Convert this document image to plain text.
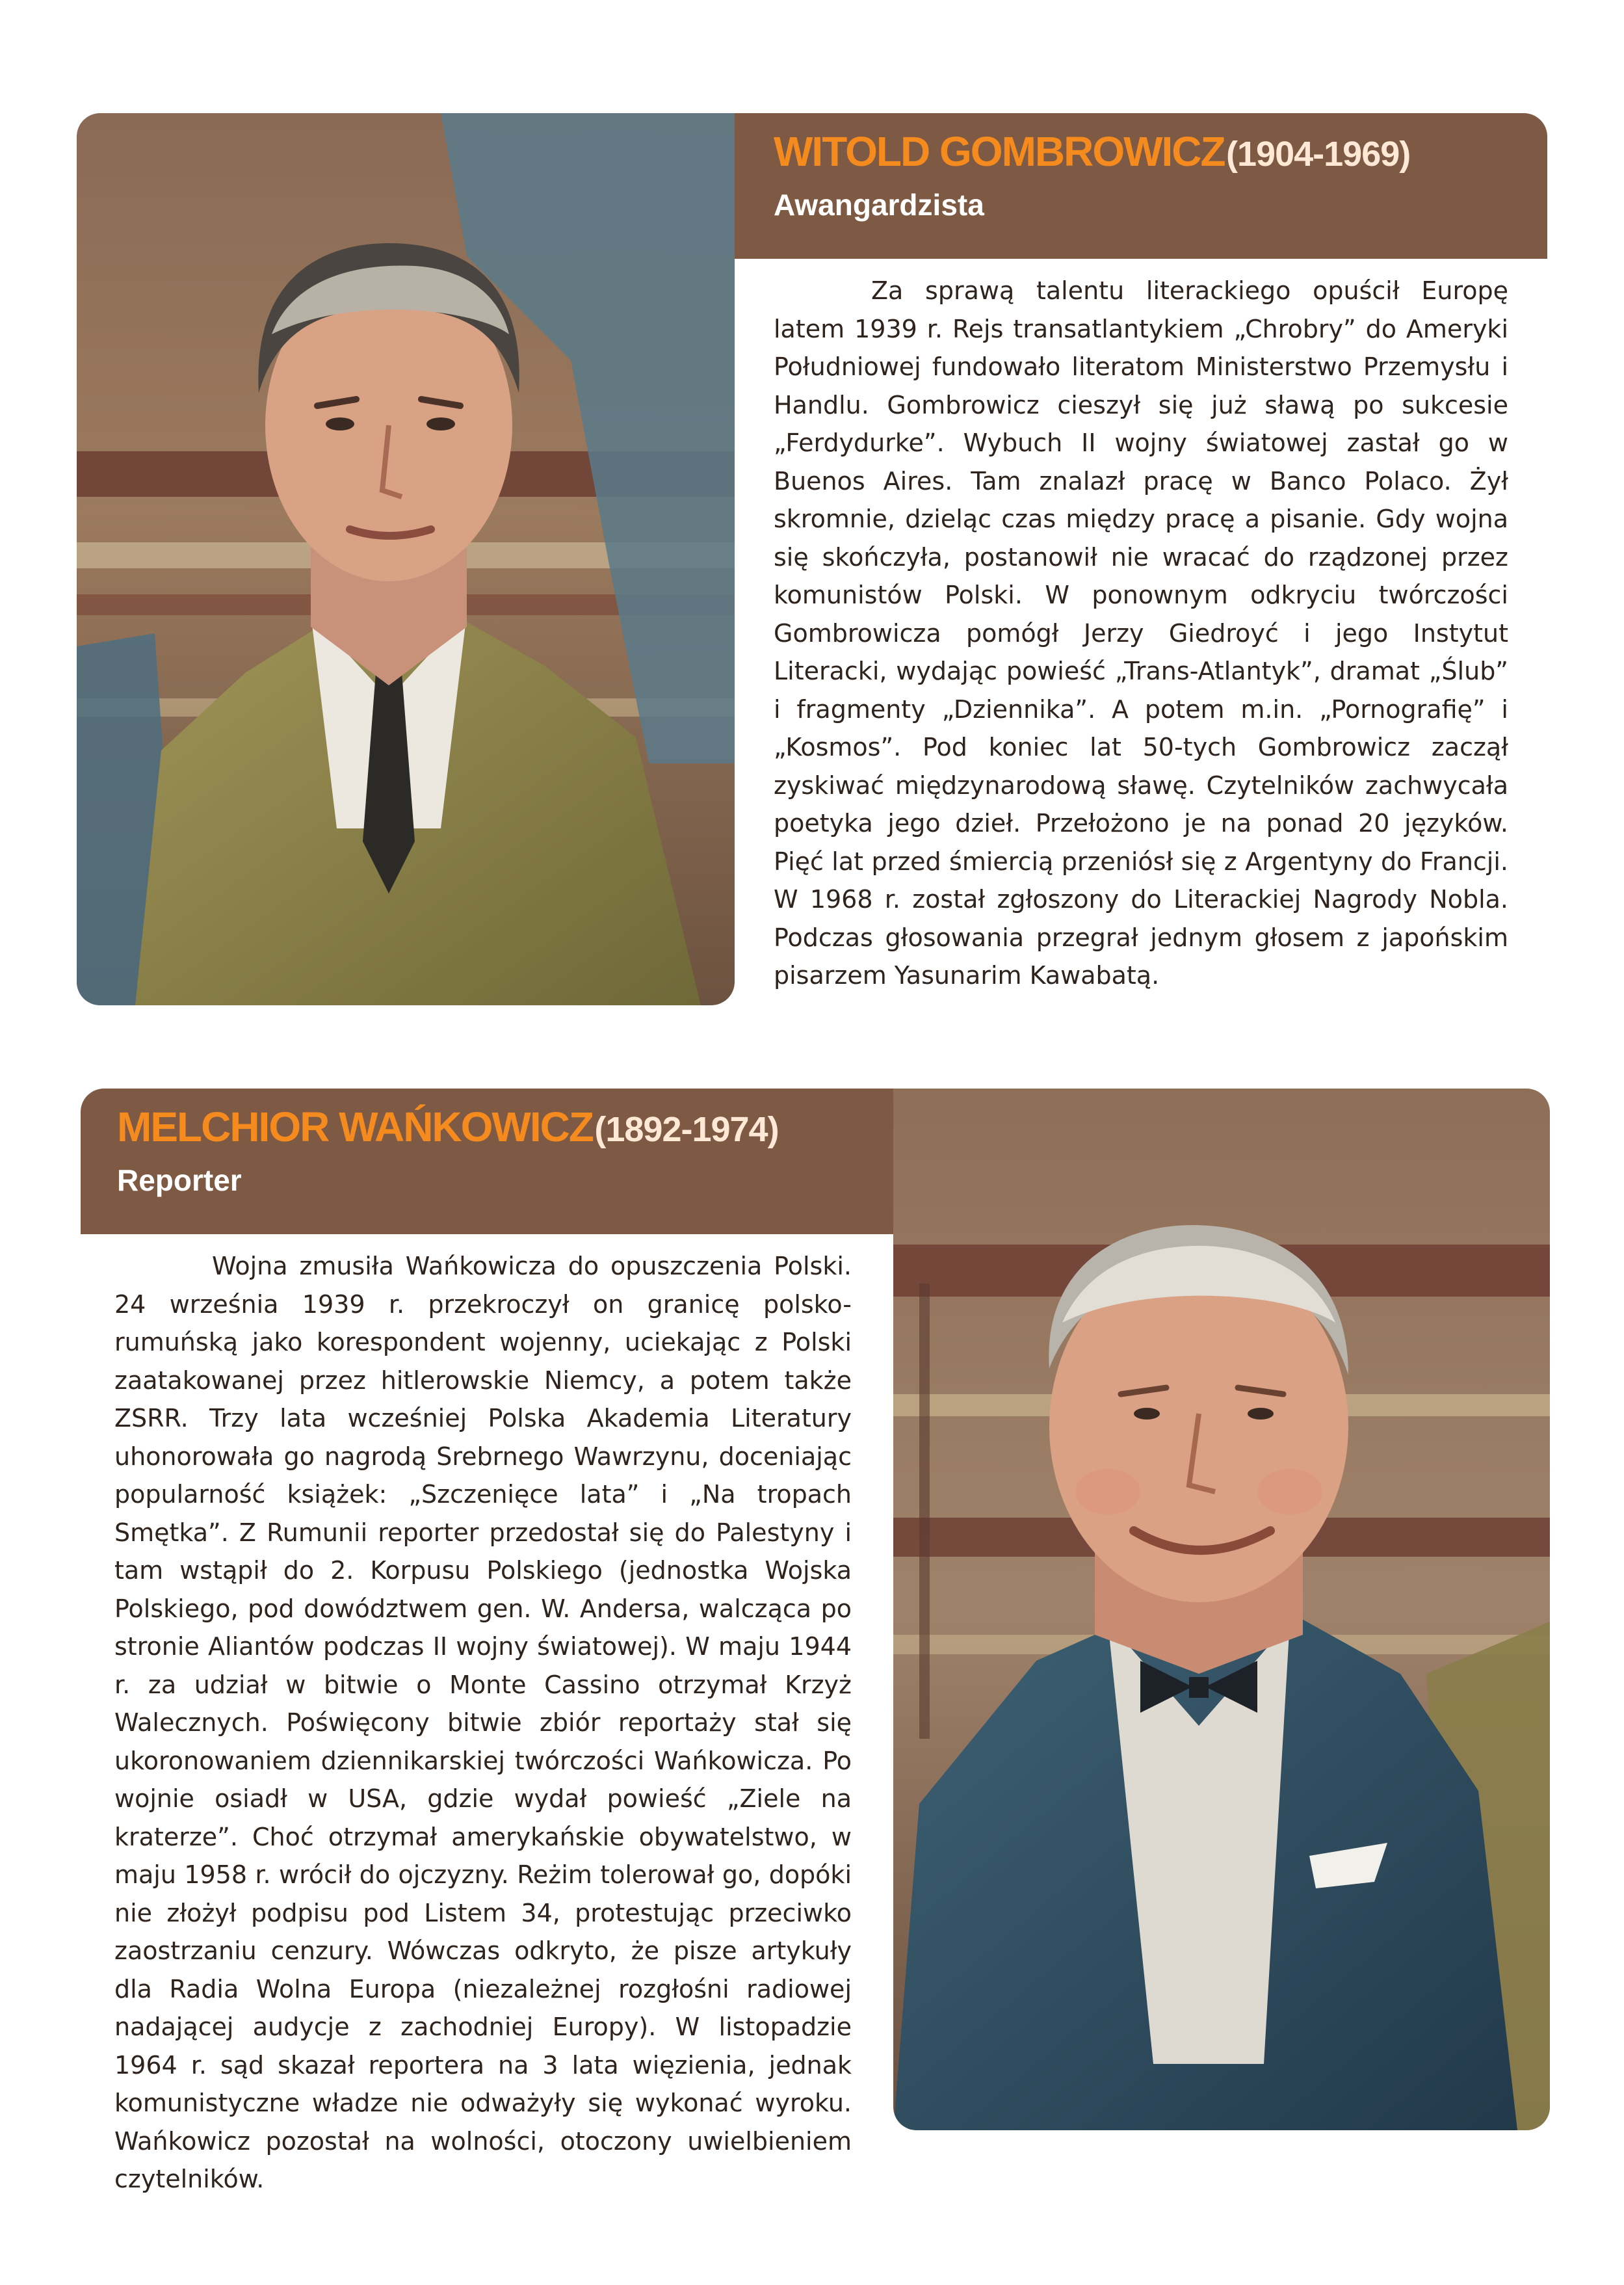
WITOLD GOMBROWICZ (1904-1969)
Awangardzista

Za sprawą talentu literackiego opuścił Europę latem 1939 r. Rejs transatlantykiem „Chrobry” do Ameryki Południowej fundowało literatom Ministerstwo Przemysłu i Handlu. Gombrowicz cieszył się już sławą po sukcesie „Ferdydurke”. Wybuch II wojny światowej zastał go w Buenos Aires. Tam znalazł pracę w Banco Polaco. Żył skromnie, dzieląc czas między pracę a pisanie. Gdy wojna się skończyła, postanowił nie wracać do rządzonej przez komunistów Polski. W ponownym odkryciu twórczości Gombrowicza pomógł Jerzy Giedroyć i jego Instytut Literacki, wydając powieść „Trans-Atlantyk”, dramat „Ślub” i fragmenty „Dziennika”. A potem m.in. „Pornografię” i „Kosmos”. Pod koniec lat 50-tych Gombrowicz zaczął zyskiwać międzynarodową sławę. Czytelników zachwycała poetyka jego dzieł. Przełożono je na ponad 20 języków. Pięć lat przed śmiercią przeniósł się z Argentyny do Francji. W 1968 r. został zgłoszony do Literackiej Nagrody Nobla. Podczas głosowania przegrał jednym głosem z japońskim pisarzem Yasunarim Kawabatą.

MELCHIOR WAŃKOWICZ (1892-1974)
Reporter

Wojna zmusiła Wańkowicza do opuszczenia Polski. 24 września 1939 r. przekroczył on granicę polsko-rumuńską jako korespondent wojenny, uciekając z Polski zaatakowanej przez hitlerowskie Niemcy, a potem także ZSRR. Trzy lata wcześniej Polska Akademia Literatury uhonorowała go nagrodą Srebrnego Wawrzynu, doceniając popularność książek: „Szczenięce lata” i „Na tropach Smętka”. Z Rumunii reporter przedostał się do Palestyny i tam wstąpił do 2. Korpusu Polskiego (jednostka Wojska Polskiego, pod dowództwem gen. W. Andersa, walcząca po stronie Aliantów podczas II wojny światowej). W maju 1944 r. za udział w bitwie o Monte Cassino otrzymał Krzyż Walecznych. Poświęcony bitwie zbiór reportaży stał się ukoronowaniem dziennikarskiej twórczości Wańkowicza. Po wojnie osiadł w USA, gdzie wydał powieść „Ziele na kraterze”. Choć otrzymał amerykańskie obywatelstwo, w maju 1958 r. wrócił do ojczyzny. Reżim tolerował go, dopóki nie złożył podpisu pod Listem 34, protestując przeciwko zaostrzaniu cenzury. Wówczas odkryto, że pisze artykuły dla Radia Wolna Europa (niezależnej rozgłośni radiowej nadającej audycje z zachodniej Europy). W listopadzie 1964 r. sąd skazał reportera na 3 lata więzienia, jednak komunistyczne władze nie odważyły się wykonać wyroku. Wańkowicz pozostał na wolności, otoczony uwielbieniem czytelników.
